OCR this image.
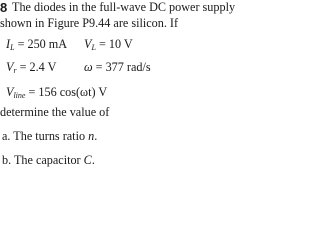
8 The diodes in the full-wave DC power supply
shown in Figure P9.44 are silicon. If
$I_L = 250$ mA $V_L = 10$ V
$V_r = 2.4$ V ω = 377 rad/s
$V_{line} = 156$ cos(ωt) V
determine the value of
a. The turns ratio n.
b. The capacitor C.
